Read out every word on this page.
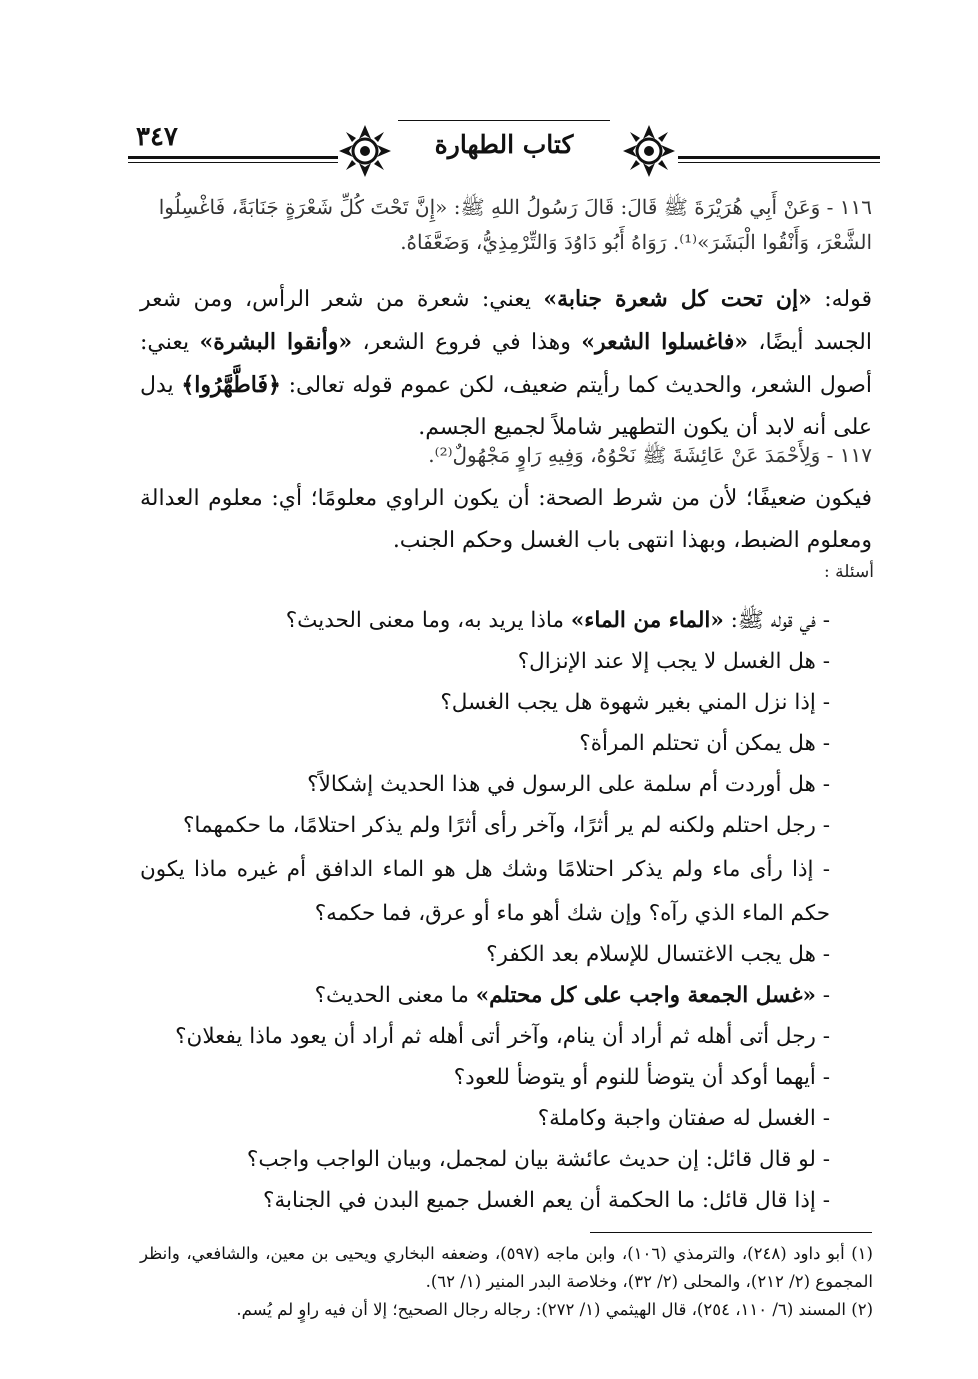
٣٤٧	كتاب الطهارة
١١٦ - وَعَنْ أَبِي هُرَيْرَةَ ﷺ قَالَ: قَالَ رَسُولُ اللهِ ﷺ: «إِنَّ تَحْتَ كُلِّ شَعْرَةٍ جَنَابَةً، فَاغْسِلُوا
الشَّعْرَ، وَأَنْقُوا الْبَشَرَ»⁽¹⁾. رَوَاهُ أَبُو دَاوُدَ وَالتِّرْمِذِيُّ، وَضَعَّفَاهُ.
قوله: «إن تحت كل شعرة جنابة» يعني: شعرة من شعر الرأس، ومن شعر الجسد أيضًا، «فاغسلوا الشعر» وهذا في فروع الشعر، «وأنقوا البشرة» يعني: أصول الشعر، والحديث كما رأيتم ضعيف، لكن عموم قوله تعالى: ﴿فَاطَّهَّرُوا﴾ يدل على أنه لابد أن يكون التطهير شاملاً لجميع الجسم.
١١٧ - وَلِأَحْمَدَ عَنْ عَائِشَةَ ﷺ نَحْوُهُ، وَفِيهِ رَاوٍ مَجْهُولٌ⁽²⁾.
فيكون ضعيفًا؛ لأن من شرط الصحة: أن يكون الراوي معلومًا؛ أي: معلوم العدالة ومعلوم الضبط، وبهذا انتهى باب الغسل وحكم الجنب.
أسئلة :

- في قوله ﷺ: «الماء من الماء» ماذا يريد به، وما معنى الحديث؟

- هل الغسل لا يجب إلا عند الإنزال؟

- إذا نزل المني بغير شهوة هل يجب الغسل؟

- هل يمكن أن تحتلم المرأة؟

- هل أوردت أم سلمة على الرسول في هذا الحديث إشكالاً؟

- رجل احتلم ولكنه لم ير أثرًا، وآخر رأى أثرًا ولم يذكر احتلامًا، ما حكمهما؟

- إذا رأى ماء ولم يذكر احتلامًا وشك هل هو الماء الدافق أم غيره ماذا يكون حكم الماء الذي رآه؟ وإن شك أهو ماء أو عرق، فما حكمه؟

- هل يجب الاغتسال للإسلام بعد الكفر؟

- «غسل الجمعة واجب على كل محتلم» ما معنى الحديث؟

- رجل أتى أهله ثم أراد أن ينام، وآخر أتى أهله ثم أراد أن يعود ماذا يفعلان؟

- أيهما أوكد أن يتوضأ للنوم أو يتوضأ للعود؟

- الغسل له صفتان واجبة وكاملة؟

- لو قال قائل: إن حديث عائشة بيان لمجمل، وبيان الواجب واجب؟

- إذا قال قائل: ما الحكمة أن يعم الغسل جميع البدن في الجنابة؟

(١) أبو داود (٢٤٨)، والترمذي (١٠٦)، وابن ماجه (٥٩٧)، وضعفه البخاري ويحيى بن معين، والشافعي، وانظر المجموع (٢/ ٢١٢)، والمحلى (٢/ ٣٢)، وخلاصة البدر المنير (١/ ٦٢).

(٢) المسند (٦/ ١١٠، ٢٥٤)، قال الهيثمي (١/ ٢٧٢): رجاله رجال الصحيح؛ إلا أن فيه راوٍ لم يُسم.
